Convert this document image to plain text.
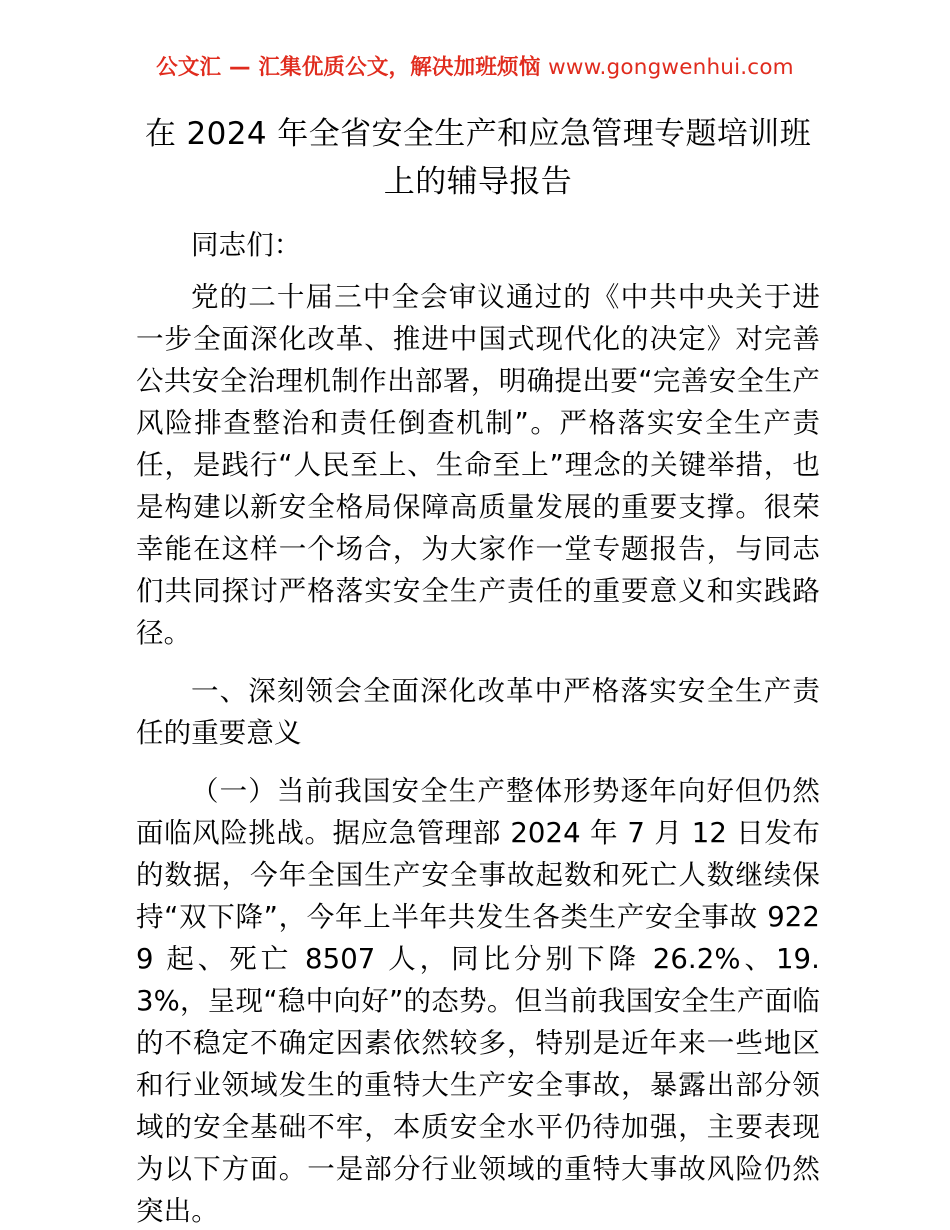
公文汇 — 汇集优质公文，解决加班烦恼 www.gongwenhui.com
在 2024 年全省安全生产和应急管理专题培训班上的辅导报告

同志们：

党的二十届三中全会审议通过的《中共中央关于进一步全面深化改革、推进中国式现代化的决定》对完善公共安全治理机制作出部署，明确提出要“完善安全生产风险排查整治和责任倒查机制”。严格落实安全生产责任，是践行“人民至上、生命至上”理念的关键举措，也是构建以新安全格局保障高质量发展的重要支撑。很荣幸能在这样一个场合，为大家作一堂专题报告，与同志们共同探讨严格落实安全生产责任的重要意义和实践路径。

一、深刻领会全面深化改革中严格落实安全生产责任的重要意义

（一）当前我国安全生产整体形势逐年向好但仍然面临风险挑战。据应急管理部 2024 年 7 月 12 日发布的数据，今年全国生产安全事故起数和死亡人数继续保持“双下降”，今年上半年共发生各类生产安全事故 9229 起、死亡 8507 人，同比分别下降 26.2%、19.3%，呈现“稳中向好”的态势。但当前我国安全生产面临的不稳定不确定因素依然较多，特别是近年来一些地区和行业领域发生的重特大生产安全事故，暴露出部分领域的安全基础不牢，本质安全水平仍待加强，主要表现为以下方面。一是部分行业领域的重特大事故风险仍然突出。
